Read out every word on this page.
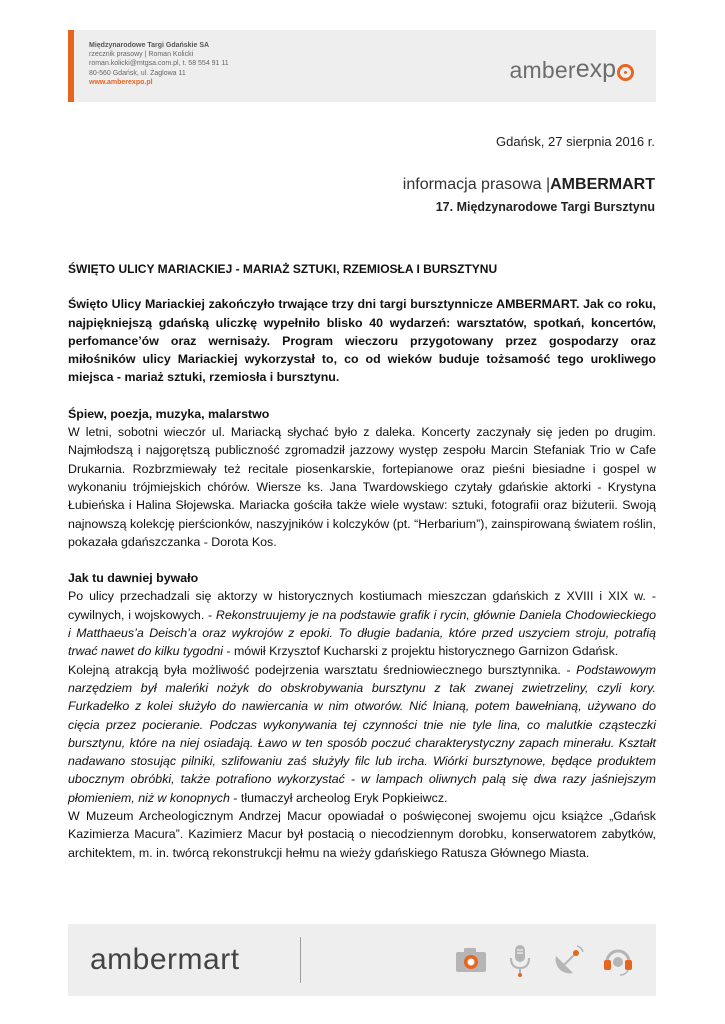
Międzynarodowe Targi Gdańskie SA
rzecznik prasowy | Roman Kolicki
roman.kolicki@mtgsa.com.pl, t. 58 554 91 11
80-560 Gdańsk, ul. Żaglowa 11
www.amberexpo.pl	amber ex p
Gdańsk, 27 sierpnia 2016 r.
informacja prasowa |AMBERMART
17. Międzynarodowe Targi Bursztynu

ŚWIĘTO ULICY MARIACKIEJ - MARIAŻ SZTUKI, RZEMIOSŁA I BURSZTYNU

Święto Ulicy Mariackiej zakończyło trwające trzy dni targi bursztynnicze AMBERMART. Jak co roku, najpiękniejszą gdańską uliczkę wypełniło blisko 40 wydarzeń: warsztatów, spotkań, koncertów, perfomance’ów oraz wernisaży. Program wieczoru przygotowany przez gospodarzy oraz miłośników ulicy Mariackiej wykorzystał to, co od wieków buduje tożsamość tego urokliwego miejsca - mariaż sztuki, rzemiosła i bursztynu.

Śpiew, poezja, muzyka, malarstwo

W letni, sobotni wieczór ul. Mariacką słychać było z daleka. Koncerty zaczynały się jeden po drugim. Najmłodszą i najgorętszą publiczność zgromadził jazzowy występ zespołu Marcin Stefaniak Trio w Cafe Drukarnia. Rozbrzmiewały też recitale piosenkarskie, fortepianowe oraz pieśni biesiadne i gospel w wykonaniu trójmiejskich chórów. Wiersze ks. Jana Twardowskiego czytały gdańskie aktorki - Krystyna Łubieńska i Halina Słojewska. Mariacka gościła także wiele wystaw: sztuki, fotografii oraz biżuterii. Swoją najnowszą kolekcję pierścionków, naszyjników i kolczyków (pt. “Herbarium”), zainspirowaną światem roślin, pokazała gdańszczanka - Dorota Kos.

Jak tu dawniej bywało

Po ulicy przechadzali się aktorzy w historycznych kostiumach mieszczan gdańskich z XVIII i XIX w. - cywilnych, i wojskowych. - Rekonstruujemy je na podstawie grafik i rycin, głównie Daniela Chodowieckiego i Matthaeus’a Deisch’a oraz wykrojów z epoki. To długie badania, które przed uszyciem stroju, potrafią trwać nawet do kilku tygodni - mówił Krzysztof Kucharski z projektu historycznego Garnizon Gdańsk.

Kolejną atrakcją była możliwość podejrzenia warsztatu średniowiecznego bursztynnika. - Podstawowym narzędziem był maleńki nożyk do obskrobywania bursztynu z tak zwanej zwietrzeliny, czyli kory. Furkadełko z kolei służyło do nawiercania w nim otworów. Nić lnianą, potem bawełnianą, używano do cięcia przez pocieranie. Podczas wykonywania tej czynności tnie nie tyle lina, co malutkie cząsteczki bursztynu, które na niej osiadają. Ławo w ten sposób poczuć charakterystyczny zapach minerału. Kształt nadawano stosując pilniki, szlifowaniu zaś służyły filc lub ircha. Wiórki bursztynowe, będące produktem ubocznym obróbki, także potrafiono wykorzystać - w lampach oliwnych palą się dwa razy jaśniejszym płomieniem, niż w konopnych - tłumaczył archeolog Eryk Popkieiwcz.

W Muzeum Archeologicznym Andrzej Macur opowiadał o poświęconej swojemu ojcu książce „Gdańsk Kazimierza Macura”. Kazimierz Macur był postacią o niecodziennym dorobku, konserwatorem zabytków, architektem, m. in. twórcą rekonstrukcji hełmu na wieży gdańskiego Ratusza Głównego Miasta.

ambermart
